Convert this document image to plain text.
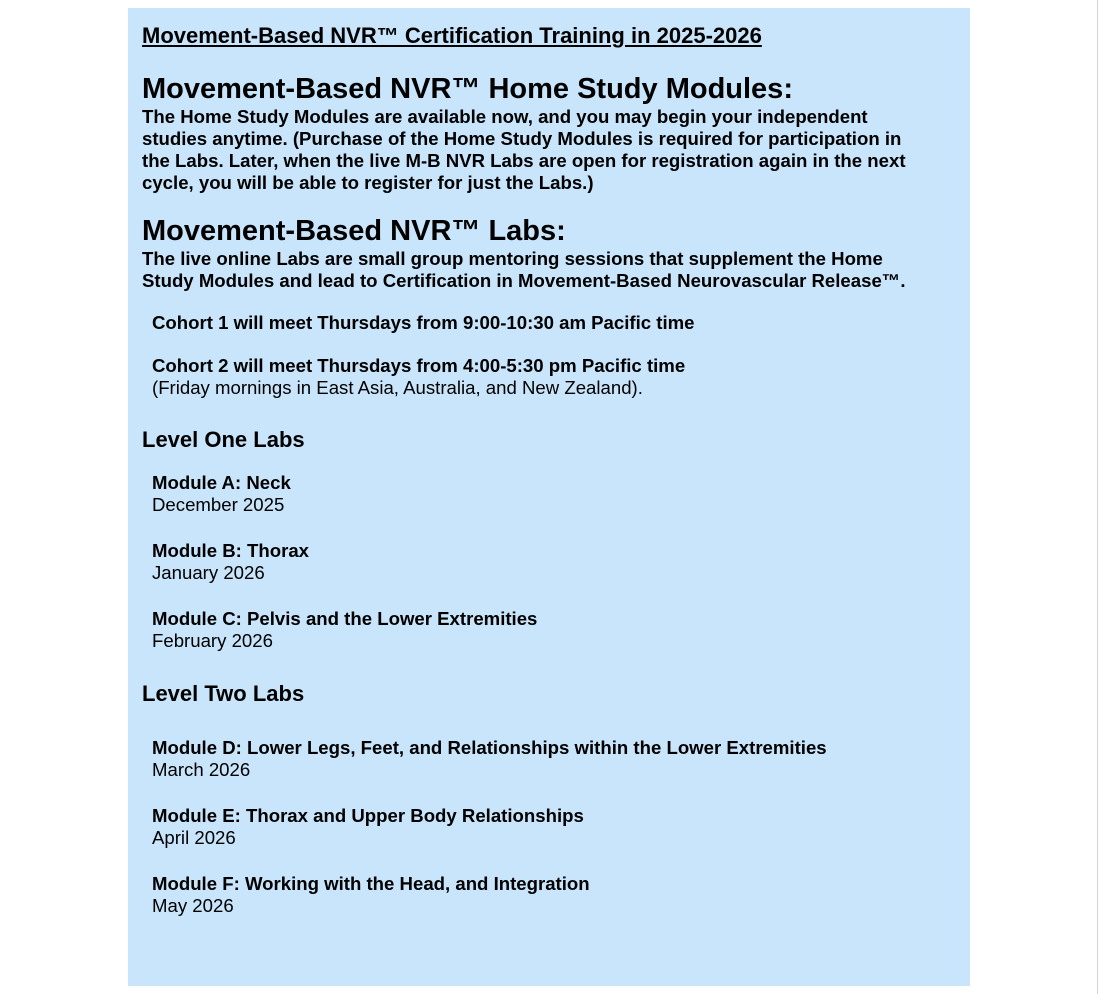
Movement-Based NVR™ Certification Training in 2025-2026
Movement-Based NVR™ Home Study Modules:
The Home Study Modules are available now, and you may begin your independent
studies anytime. (Purchase of the Home Study Modules is required for participation in
the Labs. Later, when the live M-B NVR Labs are open for registration again in the next
cycle, you will be able to register for just the Labs.)
Movement-Based NVR™ Labs:
The live online Labs are small group mentoring sessions that supplement the Home
Study Modules and lead to Certification in Movement-Based Neurovascular Release™.
Cohort 1 will meet Thursdays from 9:00-10:30 am Pacific time
Cohort 2 will meet Thursdays from 4:00-5:30 pm Pacific time
(Friday mornings in East Asia, Australia, and New Zealand).
Level One Labs
Module A: Neck
December 2025
Module B: Thorax
January 2026
Module C: Pelvis and the Lower Extremities
February 2026
Level Two Labs
Module D: Lower Legs, Feet, and Relationships within the Lower Extremities
March 2026
Module E: Thorax and Upper Body Relationships
April 2026
Module F: Working with the Head, and Integration
May 2026
